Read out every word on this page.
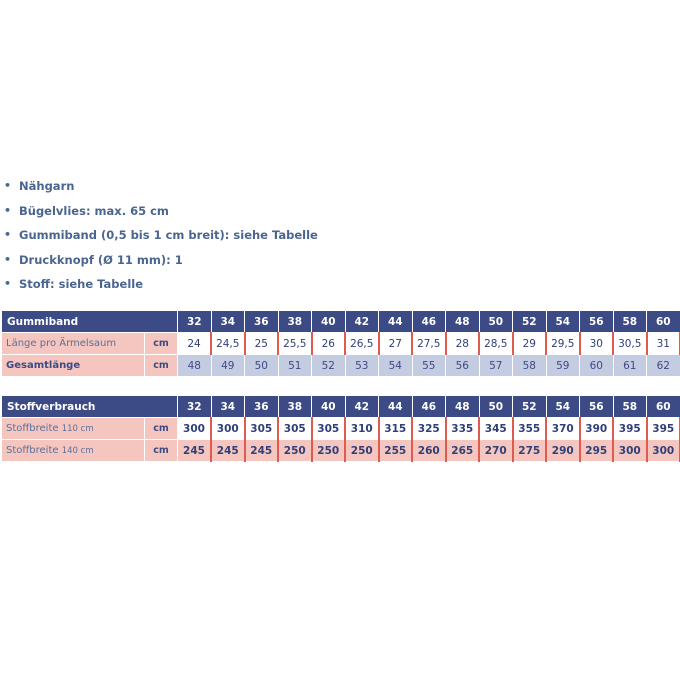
• Nähgarn
• Bügelvlies: max. 65 cm
• Gummiband (0,5 bis 1 cm breit): siehe Tabelle
• Druckknopf (Ø 11 mm): 1
• Stoff: siehe Tabelle
Gummiband		32	34	36	38	40	42	44	46	48	50	52	54	56	58	60
Länge pro Ärmelsaum	cm	24	24,5	25	25,5	26	26,5	27	27,5	28	28,5	29	29,5	30	30,5	31
Gesamtlänge	cm	48	49	50	51	52	53	54	55	56	57	58	59	60	61	62
Stoffverbrauch		32	34	36	38	40	42	44	46	48	50	52	54	56	58	60
Stoffbreite 110 cm	cm	300	300	305	305	305	310	315	325	335	345	355	370	390	395	395
Stoffbreite 140 cm	cm	245	245	245	250	250	250	255	260	265	270	275	290	295	300	300
